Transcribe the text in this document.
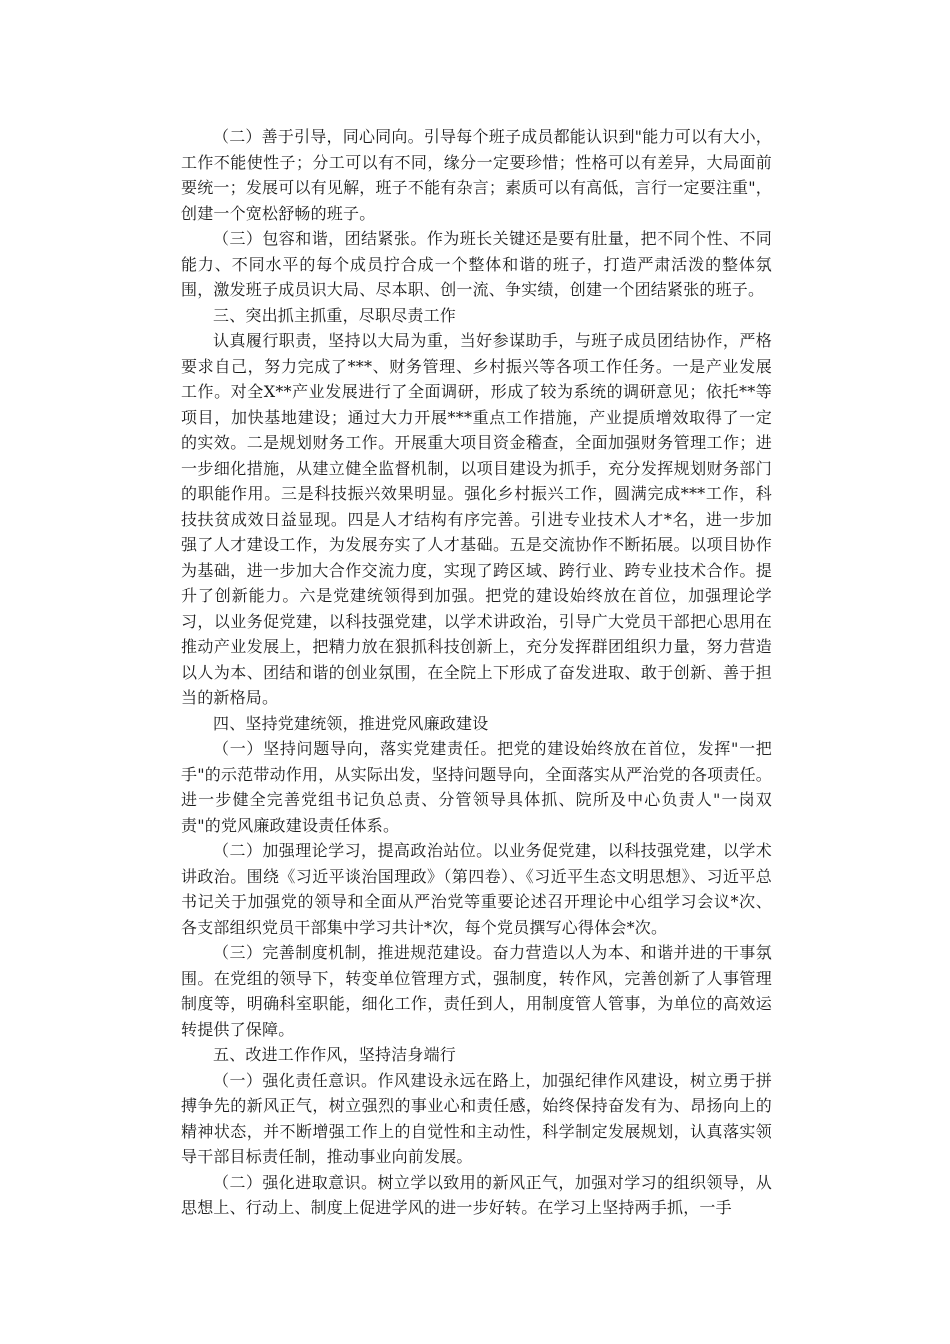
（二）善于引导，同心同向。引导每个班子成员都能认识到"能力可以有大小，工作不能使性子；分工可以有不同，缘分一定要珍惜；性格可以有差异，大局面前要统一；发展可以有见解，班子不能有杂言；素质可以有高低，言行一定要注重"，创建一个宽松舒畅的班子。

（三）包容和谐，团结紧张。作为班长关键还是要有肚量，把不同个性、不同能力、不同水平的每个成员拧合成一个整体和谐的班子，打造严肃活泼的整体氛围，激发班子成员识大局、尽本职、创一流、争实绩，创建一个团结紧张的班子。

三、突出抓主抓重，尽职尽责工作

认真履行职责，坚持以大局为重，当好参谋助手，与班子成员团结协作，严格要求自己，努力完成了***、财务管理、乡村振兴等各项工作任务。一是产业发展工作。对全X**产业发展进行了全面调研，形成了较为系统的调研意见；依托**等项目，加快基地建设；通过大力开展***重点工作措施，产业提质增效取得了一定的实效。二是规划财务工作。开展重大项目资金稽查，全面加强财务管理工作；进一步细化措施，从建立健全监督机制，以项目建设为抓手，充分发挥规划财务部门的职能作用。三是科技振兴效果明显。强化乡村振兴工作，圆满完成***工作，科技扶贫成效日益显现。四是人才结构有序完善。引进专业技术人才*名，进一步加强了人才建设工作，为发展夯实了人才基础。五是交流协作不断拓展。以项目协作为基础，进一步加大合作交流力度，实现了跨区域、跨行业、跨专业技术合作。提升了创新能力。六是党建统领得到加强。把党的建设始终放在首位，加强理论学习，以业务促党建，以科技强党建，以学术讲政治，引导广大党员干部把心思用在推动产业发展上，把精力放在狠抓科技创新上，充分发挥群团组织力量，努力营造以人为本、团结和谐的创业氛围，在全院上下形成了奋发进取、敢于创新、善于担当的新格局。

四、坚持党建统领，推进党风廉政建设

（一）坚持问题导向，落实党建责任。把党的建设始终放在首位，发挥"一把手"的示范带动作用，从实际出发，坚持问题导向，全面落实从严治党的各项责任。进一步健全完善党组书记负总责、分管领导具体抓、院所及中心负责人"一岗双责"的党风廉政建设责任体系。

（二）加强理论学习，提高政治站位。以业务促党建，以科技强党建，以学术讲政治。围绕《习近平谈治国理政》（第四卷）、《习近平生态文明思想》、习近平总书记关于加强党的领导和全面从严治党等重要论述召开理论中心组学习会议*次、各支部组织党员干部集中学习共计*次，每个党员撰写心得体会*次。

（三）完善制度机制，推进规范建设。奋力营造以人为本、和谐并进的干事氛围。在党组的领导下，转变单位管理方式，强制度，转作风，完善创新了人事管理制度等，明确科室职能，细化工作，责任到人，用制度管人管事，为单位的高效运转提供了保障。

五、改进工作作风，坚持洁身端行

（一）强化责任意识。作风建设永远在路上，加强纪律作风建设，树立勇于拼搏争先的新风正气，树立强烈的事业心和责任感，始终保持奋发有为、昂扬向上的精神状态，并不断增强工作上的自觉性和主动性，科学制定发展规划，认真落实领导干部目标责任制，推动事业向前发展。

（二）强化进取意识。树立学以致用的新风正气，加强对学习的组织领导，从思想上、行动上、制度上促进学风的进一步好转。在学习上坚持两手抓，一手
